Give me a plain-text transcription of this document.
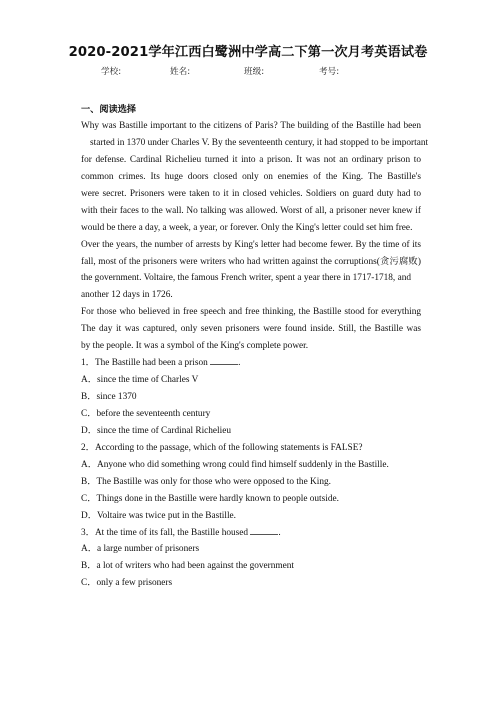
2020-2021学年江西白鹭洲中学高二下第一次月考英语试卷
学校:	姓名:	班级:	考号:
一、阅读选择
Why was Bastille important to the citizens of Paris? The building of the Bastille had been
started in 1370 under Charles V. By the seventeenth century, it had stopped to be important
for defense. Cardinal Richelieu turned it into a prison. It was not an ordinary prison to
common crimes. Its huge doors closed only on enemies of the King. The Bastille's
were secret. Prisoners were taken to it in closed vehicles. Soldiers on guard duty had to
with their faces to the wall. No talking was allowed. Worst of all, a prisoner never knew if
would be there a day, a week, a year, or forever. Only the King's letter could set him free.
Over the years, the number of arrests by King's letter had become fewer. By the time of its
fall, most of the prisoners were writers who had written against the corruptions(贪污腐败)
the government. Voltaire, the famous French writer, spent a year there in 1717-1718, and
another 12 days in 1726.
For those who believed in free speech and free thinking, the Bastille stood for everything
The day it was captured, only seven prisoners were found inside. Still, the Bastille was
by the people. It was a symbol of the King's complete power.
1．The Bastille had been a prison	.
A．since the time of Charles V
B．since 1370
C．before the seventeenth century
D．since the time of Cardinal Richelieu
2．According to the passage, which of the following statements is FALSE?
A．Anyone who did something wrong could find himself suddenly in the Bastille.
B．The Bastille was only for those who were opposed to the King.
C．Things done in the Bastille were hardly known to people outside.
D．Voltaire was twice put in the Bastille.
3．At the time of its fall, the Bastille housed	.
A．a large number of prisoners
B．a lot of writers who had been against the government
C．only a few prisoners
